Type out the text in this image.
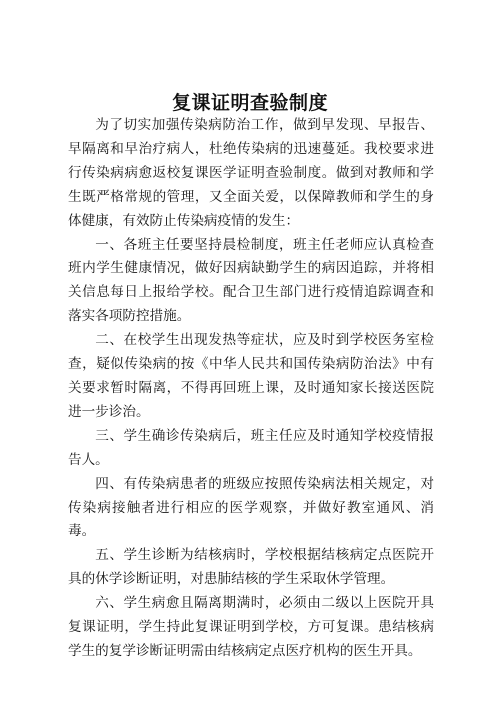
复课证明查验制度

为了切实加强传染病防治工作，做到早发现、早报告、早隔离和早治疗病人，杜绝传染病的迅速蔓延。我校要求进行传染病病愈返校复课医学证明查验制度。做到对教师和学生既严格常规的管理，又全面关爱，以保障教师和学生的身体健康，有效防止传染病疫情的发生：

一、各班主任要坚持晨检制度，班主任老师应认真检查班内学生健康情况，做好因病缺勤学生的病因追踪，并将相关信息每日上报给学校。配合卫生部门进行疫情追踪调查和落实各项防控措施。

二、在校学生出现发热等症状，应及时到学校医务室检查，疑似传染病的按《中华人民共和国传染病防治法》中有关要求暂时隔离，不得再回班上课，及时通知家长接送医院进一步诊治。

三、学生确诊传染病后，班主任应及时通知学校疫情报告人。

四、有传染病患者的班级应按照传染病法相关规定，对传染病接触者进行相应的医学观察，并做好教室通风、消毒。

五、学生诊断为结核病时，学校根据结核病定点医院开具的休学诊断证明，对患肺结核的学生采取休学管理。

六、学生病愈且隔离期满时，必须由二级以上医院开具复课证明，学生持此复课证明到学校，方可复课。患结核病学生的复学诊断证明需由结核病定点医疗机构的医生开具。
